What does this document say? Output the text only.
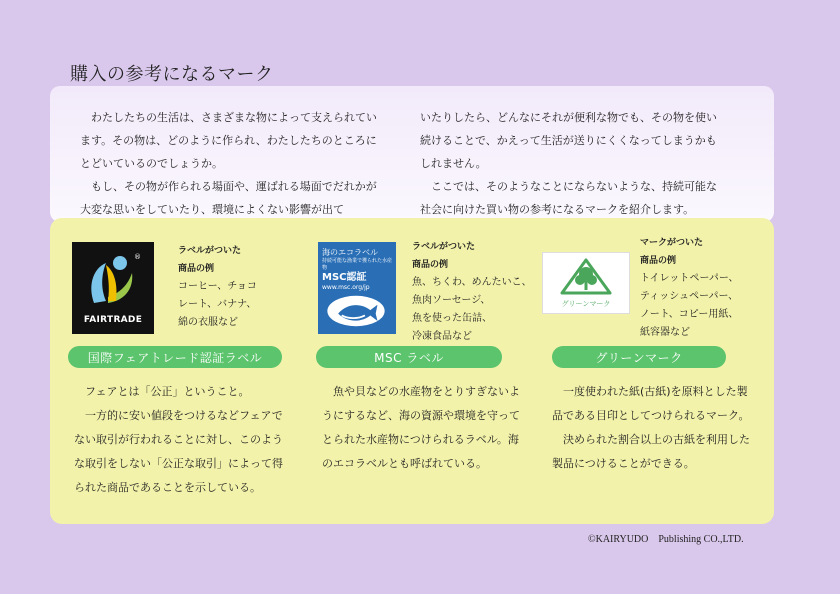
購入の参考になるマーク

わたしたちの生活は、さまざまな物によって支えられています。その物は、どのように作られ、わたしたちのところにとどいているのでしょうか。

もし、その物が作られる場面や、運ばれる場面でだれかが大変な思いをしていたり、環境によくない影響が出て

いたりしたら、どんなにそれが便利な物でも、その物を使い続けることで、かえって生活が送りにくくなってしまうかもしれません。

ここでは、そのようなことにならないような、持続可能な社会に向けた買い物の参考になるマークを紹介します。

®
FAIRTRADE
ラベルがついた
商品の例
コーヒー、チョコ
レート、バナナ、
綿の衣服など
国際フェアトレード認証ラベル

フェアとは「公正」ということ。

一方的に安い値段をつけるなどフェアでない取引が行われることに対し、このような取引をしない「公正な取引」によって得られた商品であることを示している。

海のエコラベル
持続可能な漁業で獲られた水産物
MSC認証
www.msc.org/jp
ラベルがついた
商品の例
魚、ちくわ、めんたいこ、
魚肉ソーセージ、
魚を使った缶詰、
冷凍食品など
MSC ラベル

魚や貝などの水産物をとりすぎないようにするなど、海の資源や環境を守ってとられた水産物につけられるラベル。海のエコラベルとも呼ばれている。

グリーンマーク
マークがついた
商品の例
トイレットペーパー、
ティッシュペーパー、
ノート、コピー用紙、
紙容器など
グリーンマーク

一度使われた紙(古紙)を原料とした製品である目印としてつけられるマーク。

決められた割合以上の古紙を利用した製品につけることができる。

©KAIRYUDO　Publishing CO.,LTD.
